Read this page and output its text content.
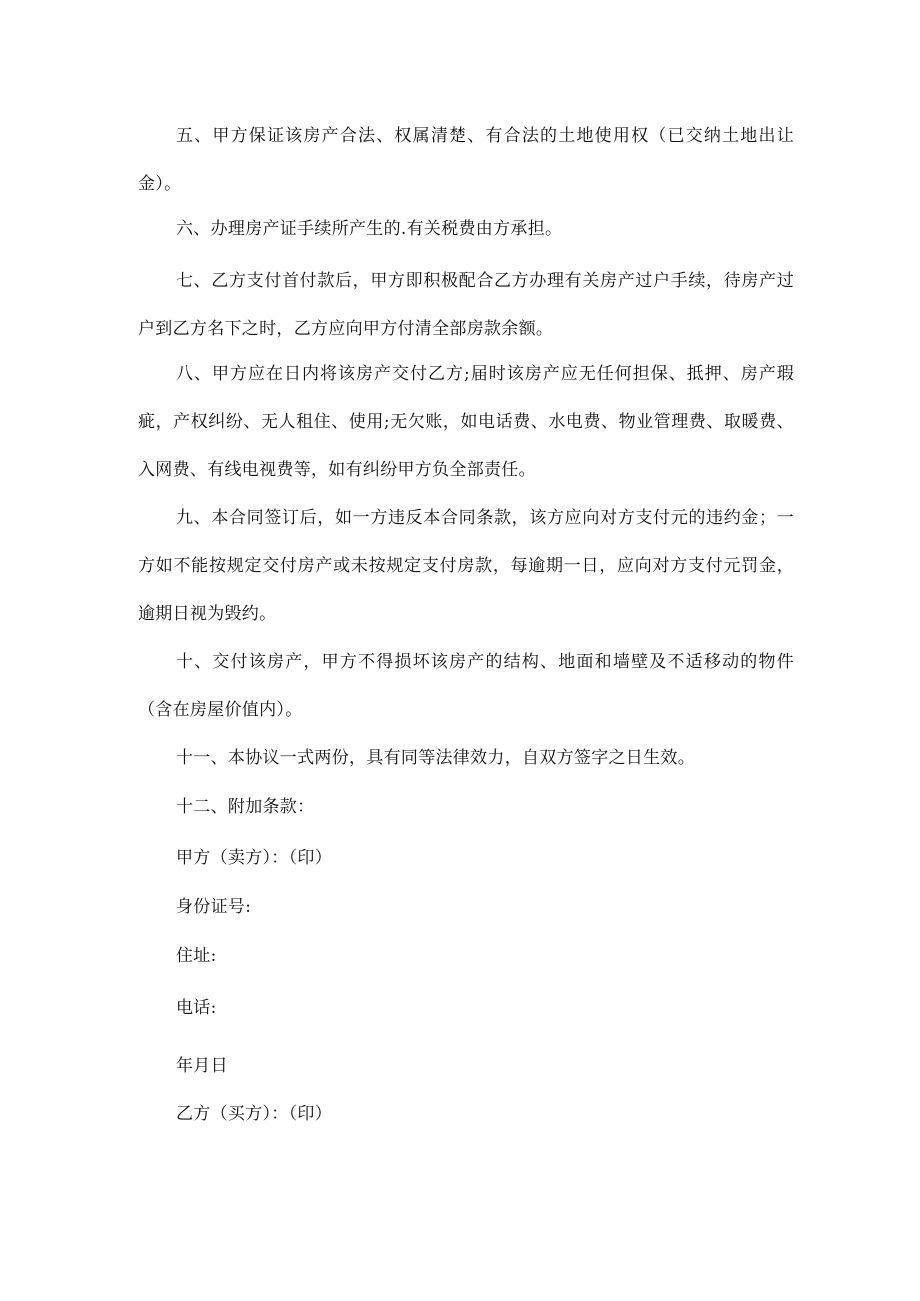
五、甲方保证该房产合法、权属清楚、有合法的土地使用权（已交纳土地出让金）。

六、办理房产证手续所产生的.有关税费由方承担。

七、乙方支付首付款后，甲方即积极配合乙方办理有关房产过户手续，待房产过户到乙方名下之时，乙方应向甲方付清全部房款余额。

八、甲方应在日内将该房产交付乙方;届时该房产应无任何担保、抵押、房产瑕疵，产权纠纷、无人租住、使用;无欠账，如电话费、水电费、物业管理费、取暖费、入网费、有线电视费等，如有纠纷甲方负全部责任。

九、本合同签订后，如一方违反本合同条款，该方应向对方支付元的违约金；一方如不能按规定交付房产或未按规定支付房款，每逾期一日，应向对方支付元罚金，逾期日视为毁约。

十、交付该房产，甲方不得损坏该房产的结构、地面和墙壁及不适移动的物件（含在房屋价值内）。

十一、本协议一式两份，具有同等法律效力，自双方签字之日生效。

十二、附加条款：

甲方（卖方）：（印）
身份证号:
住址:
电话:
年月日
乙方（买方）：（印）
